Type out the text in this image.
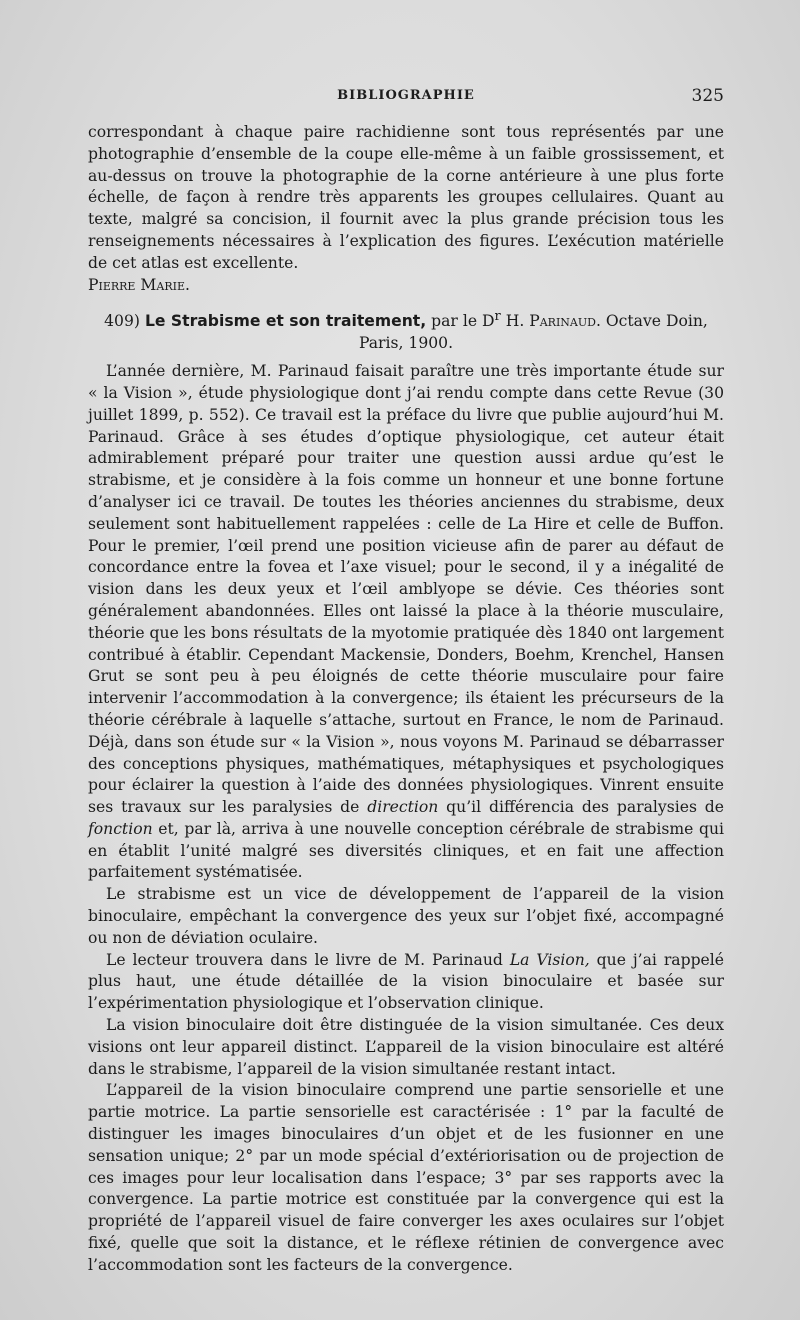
BIBLIOGRAPHIE	325

correspondant à chaque paire rachidienne sont tous représentés par une photographie d’ensemble de la coupe elle-même à un faible grossissement, et au-dessus on trouve la photographie de la corne antérieure à une plus forte échelle, de façon à rendre très apparents les groupes cellulaires. Quant au texte, malgré sa concision, il fournit avec la plus grande précision tous les renseignements nécessaires à l’explication des figures. L’exécution matérielle de cet atlas est excellente.

Pierre Marie.

409) Le Strabisme et son traitement, par le $D^r$ H. Parinaud. Octave Doin,
Paris, 1900.

L’année dernière, M. Parinaud faisait paraître une très importante étude sur « la Vision », étude physiologique dont j’ai rendu compte dans cette Revue (30 juillet 1899, p. 552). Ce travail est la préface du livre que publie aujourd’hui M. Parinaud. Grâce à ses études d’optique physiologique, cet auteur était admirablement préparé pour traiter une question aussi ardue qu’est le strabisme, et je considère à la fois comme un honneur et une bonne fortune d’analyser ici ce travail. De toutes les théories anciennes du strabisme, deux seulement sont habituellement rappelées : celle de La Hire et celle de Buffon. Pour le premier, l’œil prend une position vicieuse afin de parer au défaut de concordance entre la fovea et l’axe visuel; pour le second, il y a inégalité de vision dans les deux yeux et l’œil amblyope se dévie. Ces théories sont généralement abandonnées. Elles ont laissé la place à la théorie musculaire, théorie que les bons résultats de la myotomie pratiquée dès 1840 ont largement contribué à établir. Cependant Mackensie, Donders, Boehm, Krenchel, Hansen Grut se sont peu à peu éloignés de cette théorie musculaire pour faire intervenir l’accommodation à la convergence; ils étaient les précurseurs de la théorie cérébrale à laquelle s’attache, surtout en France, le nom de Parinaud. Déjà, dans son étude sur « la Vision », nous voyons M. Parinaud se débarrasser des conceptions physiques, mathématiques, métaphysiques et psychologiques pour éclairer la question à l’aide des données physiologiques. Vinrent ensuite ses travaux sur les paralysies de direction qu’il différencia des paralysies de fonction et, par là, arriva à une nouvelle conception cérébrale de strabisme qui en établit l’unité malgré ses diversités cliniques, et en fait une affection parfaitement systématisée.

Le strabisme est un vice de développement de l’appareil de la vision binoculaire, empêchant la convergence des yeux sur l’objet fixé, accompagné ou non de déviation oculaire.

Le lecteur trouvera dans le livre de M. Parinaud La Vision, que j’ai rappelé plus haut, une étude détaillée de la vision binoculaire et basée sur l’expérimentation physiologique et l’observation clinique.

La vision binoculaire doit être distinguée de la vision simultanée. Ces deux visions ont leur appareil distinct. L’appareil de la vision binoculaire est altéré dans le strabisme, l’appareil de la vision simultanée restant intact.

L’appareil de la vision binoculaire comprend une partie sensorielle et une partie motrice. La partie sensorielle est caractérisée : 1° par la faculté de distinguer les images binoculaires d’un objet et de les fusionner en une sensation unique; 2° par un mode spécial d’extériorisation ou de projection de ces images pour leur localisation dans l’espace; 3° par ses rapports avec la convergence. La partie motrice est constituée par la convergence qui est la propriété de l’appareil visuel de faire converger les axes oculaires sur l’objet fixé, quelle que soit la distance, et le réflexe rétinien de convergence avec l’accommodation sont les facteurs de la convergence.
